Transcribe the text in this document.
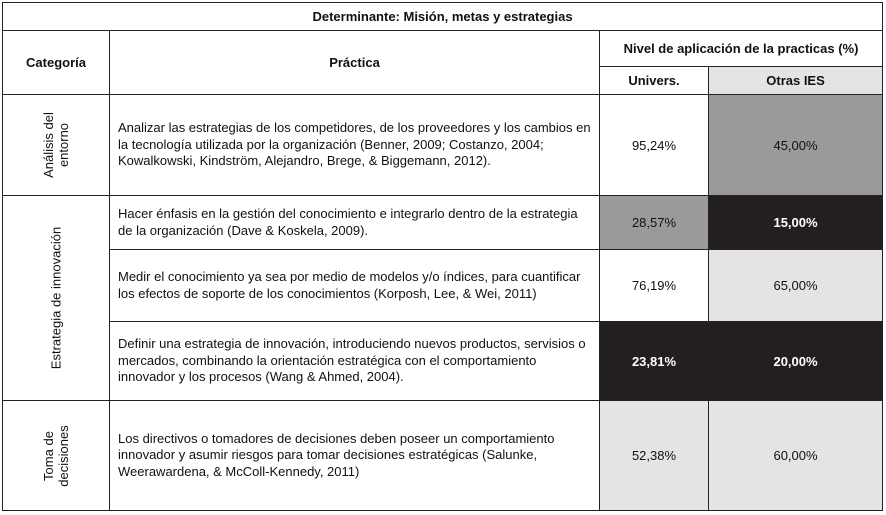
Determinante: Misión, metas y estrategias			
Categoría	Práctica	Nivel de aplicación de la practicas (%)	
		Univers.	Otras IES

Análisis del entorno	Analizar las estrategias de los competidores, de los proveedores y los cambios en la tecnología utilizada por la organización (Benner, 2009; Costanzo, 2004; Kowalkowski, Kindström, Alejandro, Brege, & Biggemann, 2012).	95,24%	45,00%

Estrategia de innovación	Hacer énfasis en la gestión del conocimiento e integrarlo dentro de la estrategia de la organización (Dave & Koskela, 2009).	28,57%	15,00%
	Medir el conocimiento ya sea por medio de modelos y/o índices, para cuantificar los efectos de soporte de los conocimientos (Korposh, Lee, & Wei, 2011)	76,19%	65,00%
	Definir una estrategia de innovación, introduciendo nuevos productos, servisios o mercados, combinando la orientación estratégica con el comportamiento innovador y los procesos (Wang & Ahmed, 2004).	23,81%	20,00%

Toma de decisiones	Los directivos o tomadores de decisiones deben poseer un comportamiento innovador y asumir riesgos para tomar decisiones estratégicas (Salunke, Weerawardena, & McColl-Kennedy, 2011)	52,38%	60,00%
